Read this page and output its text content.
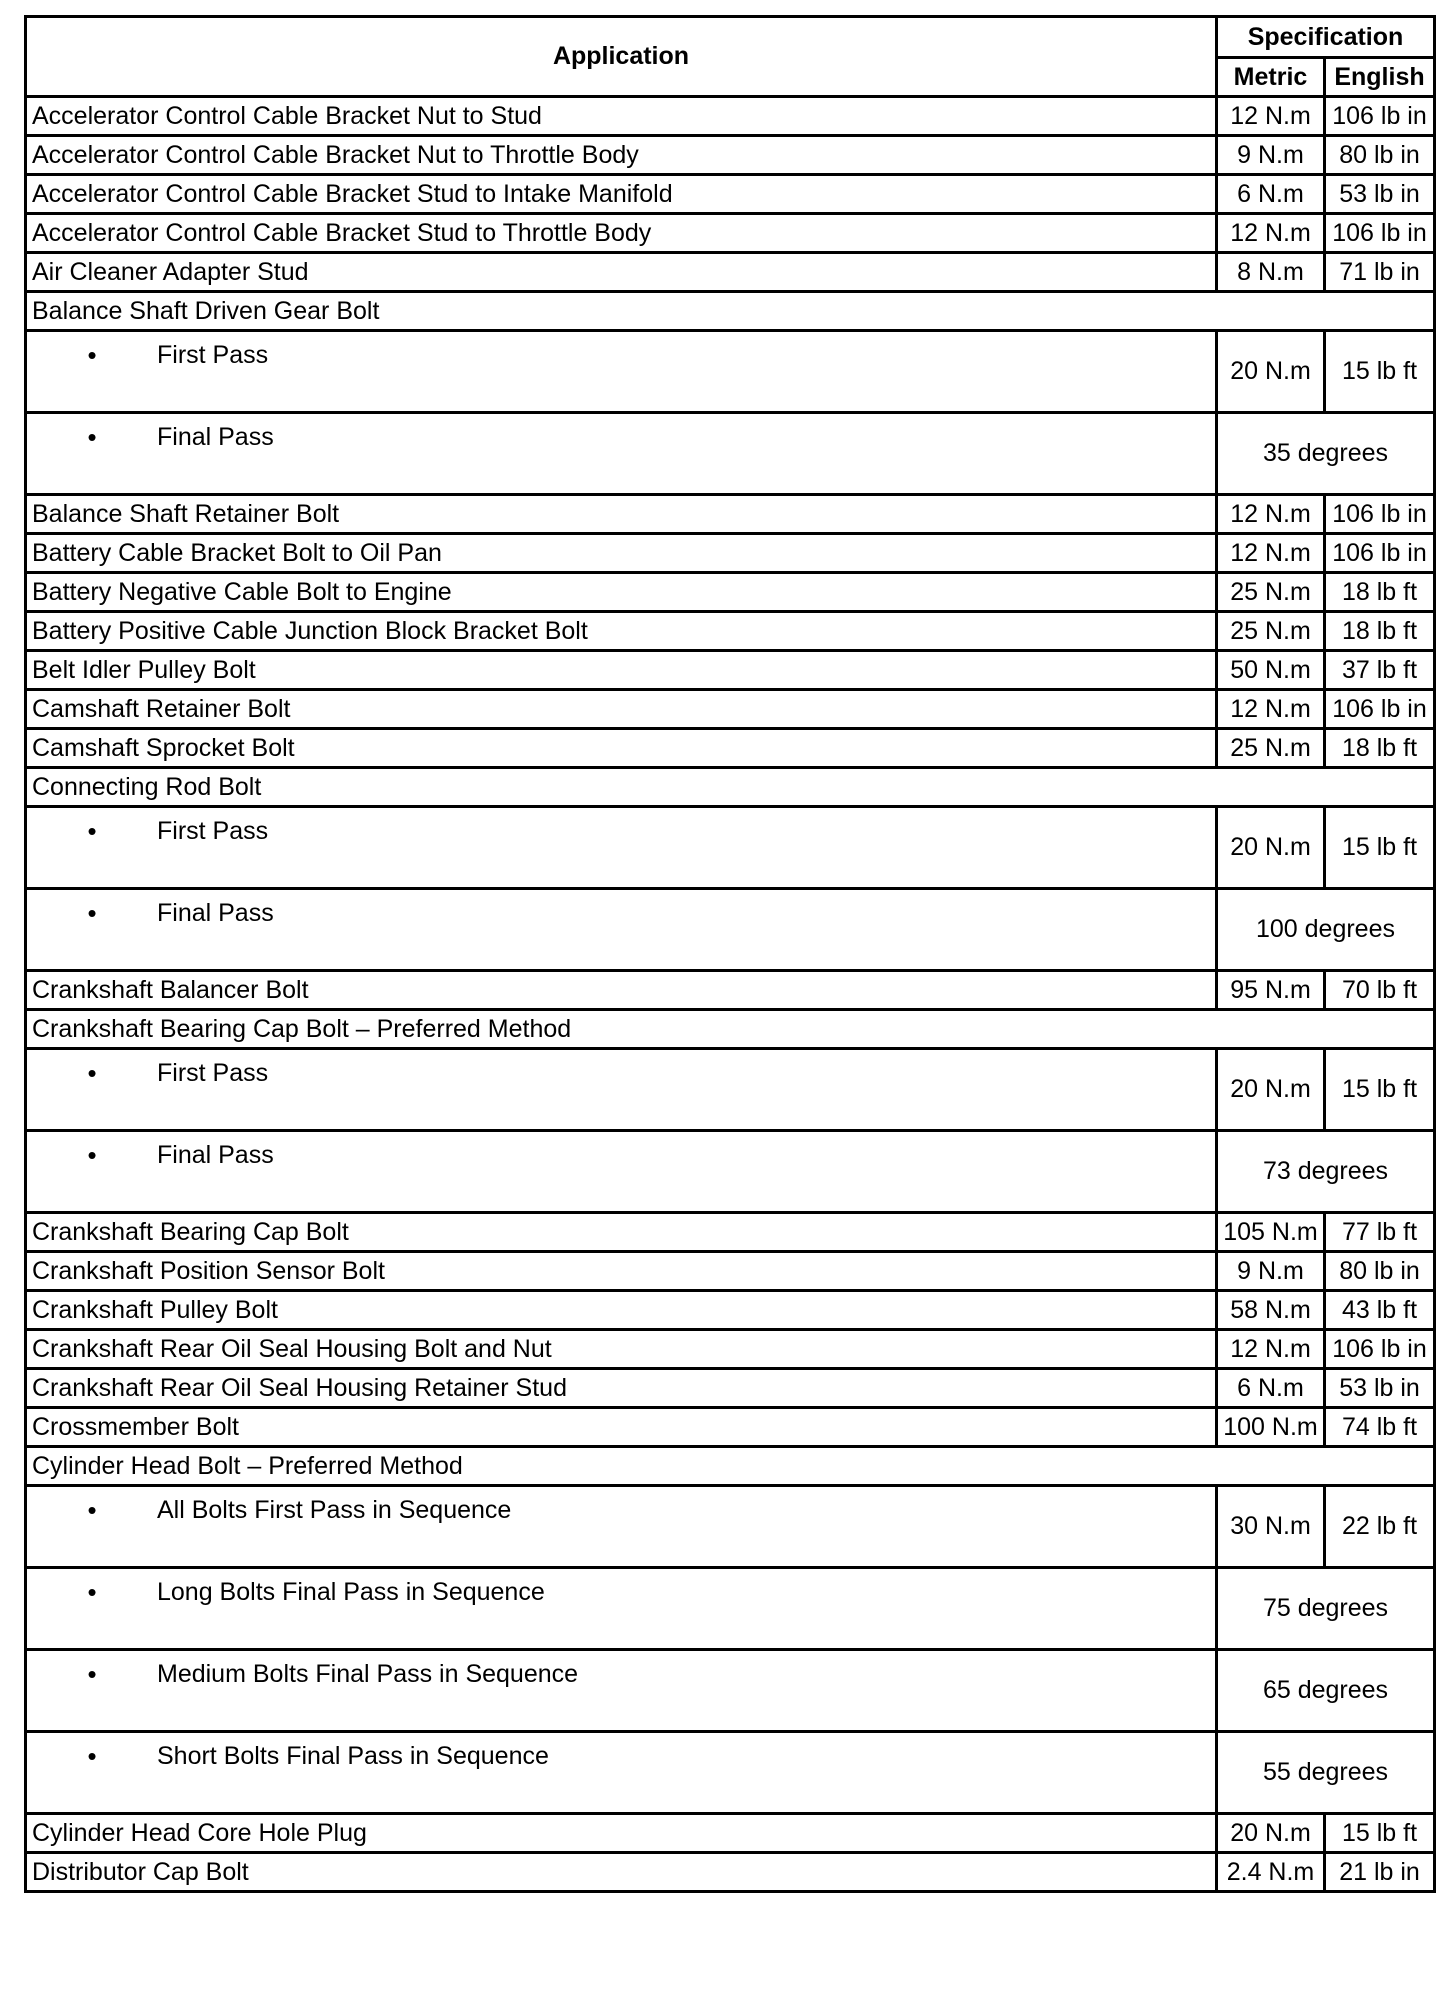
Application	Specification	
	Metric	English
Accelerator Control Cable Bracket Nut to Stud	12 N.m	106 lb in
Accelerator Control Cable Bracket Nut to Throttle Body	9 N.m	80 lb in
Accelerator Control Cable Bracket Stud to Intake Manifold	6 N.m	53 lb in
Accelerator Control Cable Bracket Stud to Throttle Body	12 N.m	106 lb in
Air Cleaner Adapter Stud	8 N.m	71 lb in
Balance Shaft Driven Gear Bolt		

• First Pass	20 N.m	15 lb ft

• Final Pass	35 degrees	
Balance Shaft Retainer Bolt	12 N.m	106 lb in
Battery Cable Bracket Bolt to Oil Pan	12 N.m	106 lb in
Battery Negative Cable Bolt to Engine	25 N.m	18 lb ft
Battery Positive Cable Junction Block Bracket Bolt	25 N.m	18 lb ft
Belt Idler Pulley Bolt	50 N.m	37 lb ft
Camshaft Retainer Bolt	12 N.m	106 lb in
Camshaft Sprocket Bolt	25 N.m	18 lb ft
Connecting Rod Bolt		

• First Pass	20 N.m	15 lb ft

• Final Pass	100 degrees	
Crankshaft Balancer Bolt	95 N.m	70 lb ft
Crankshaft Bearing Cap Bolt – Preferred Method		

• First Pass	20 N.m	15 lb ft

• Final Pass	73 degrees	
Crankshaft Bearing Cap Bolt	105 N.m	77 lb ft
Crankshaft Position Sensor Bolt	9 N.m	80 lb in
Crankshaft Pulley Bolt	58 N.m	43 lb ft
Crankshaft Rear Oil Seal Housing Bolt and Nut	12 N.m	106 lb in
Crankshaft Rear Oil Seal Housing Retainer Stud	6 N.m	53 lb in
Crossmember Bolt	100 N.m	74 lb ft
Cylinder Head Bolt – Preferred Method		

• All Bolts First Pass in Sequence	30 N.m	22 lb ft

• Long Bolts Final Pass in Sequence	75 degrees	

• Medium Bolts Final Pass in Sequence	65 degrees	

• Short Bolts Final Pass in Sequence	55 degrees	
Cylinder Head Core Hole Plug	20 N.m	15 lb ft
Distributor Cap Bolt	2.4 N.m	21 lb in
